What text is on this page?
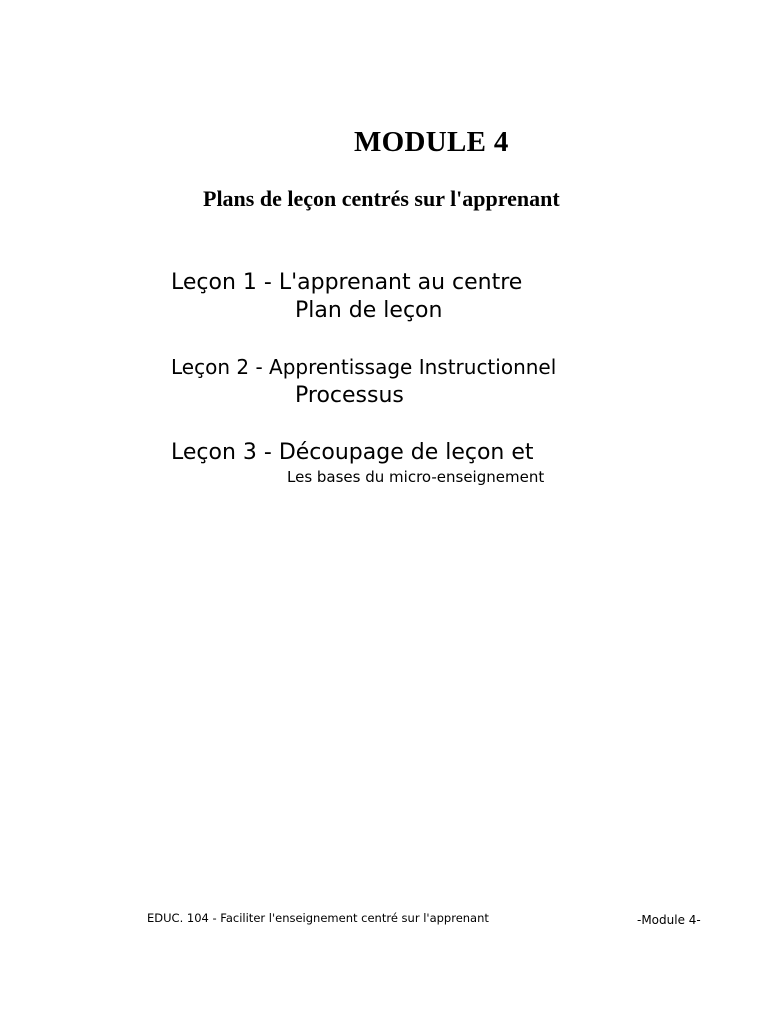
MODULE 4
Plans de leçon centrés sur l'apprenant
Leçon 1 - L'apprenant au centre
Plan de leçon
Leçon 2 - Apprentissage Instructionnel
Processus
Leçon 3 - Découpage de leçon et
Les bases du micro-enseignement
EDUC. 104 - Faciliter l'enseignement centré sur l'apprenant	-Module 4-
